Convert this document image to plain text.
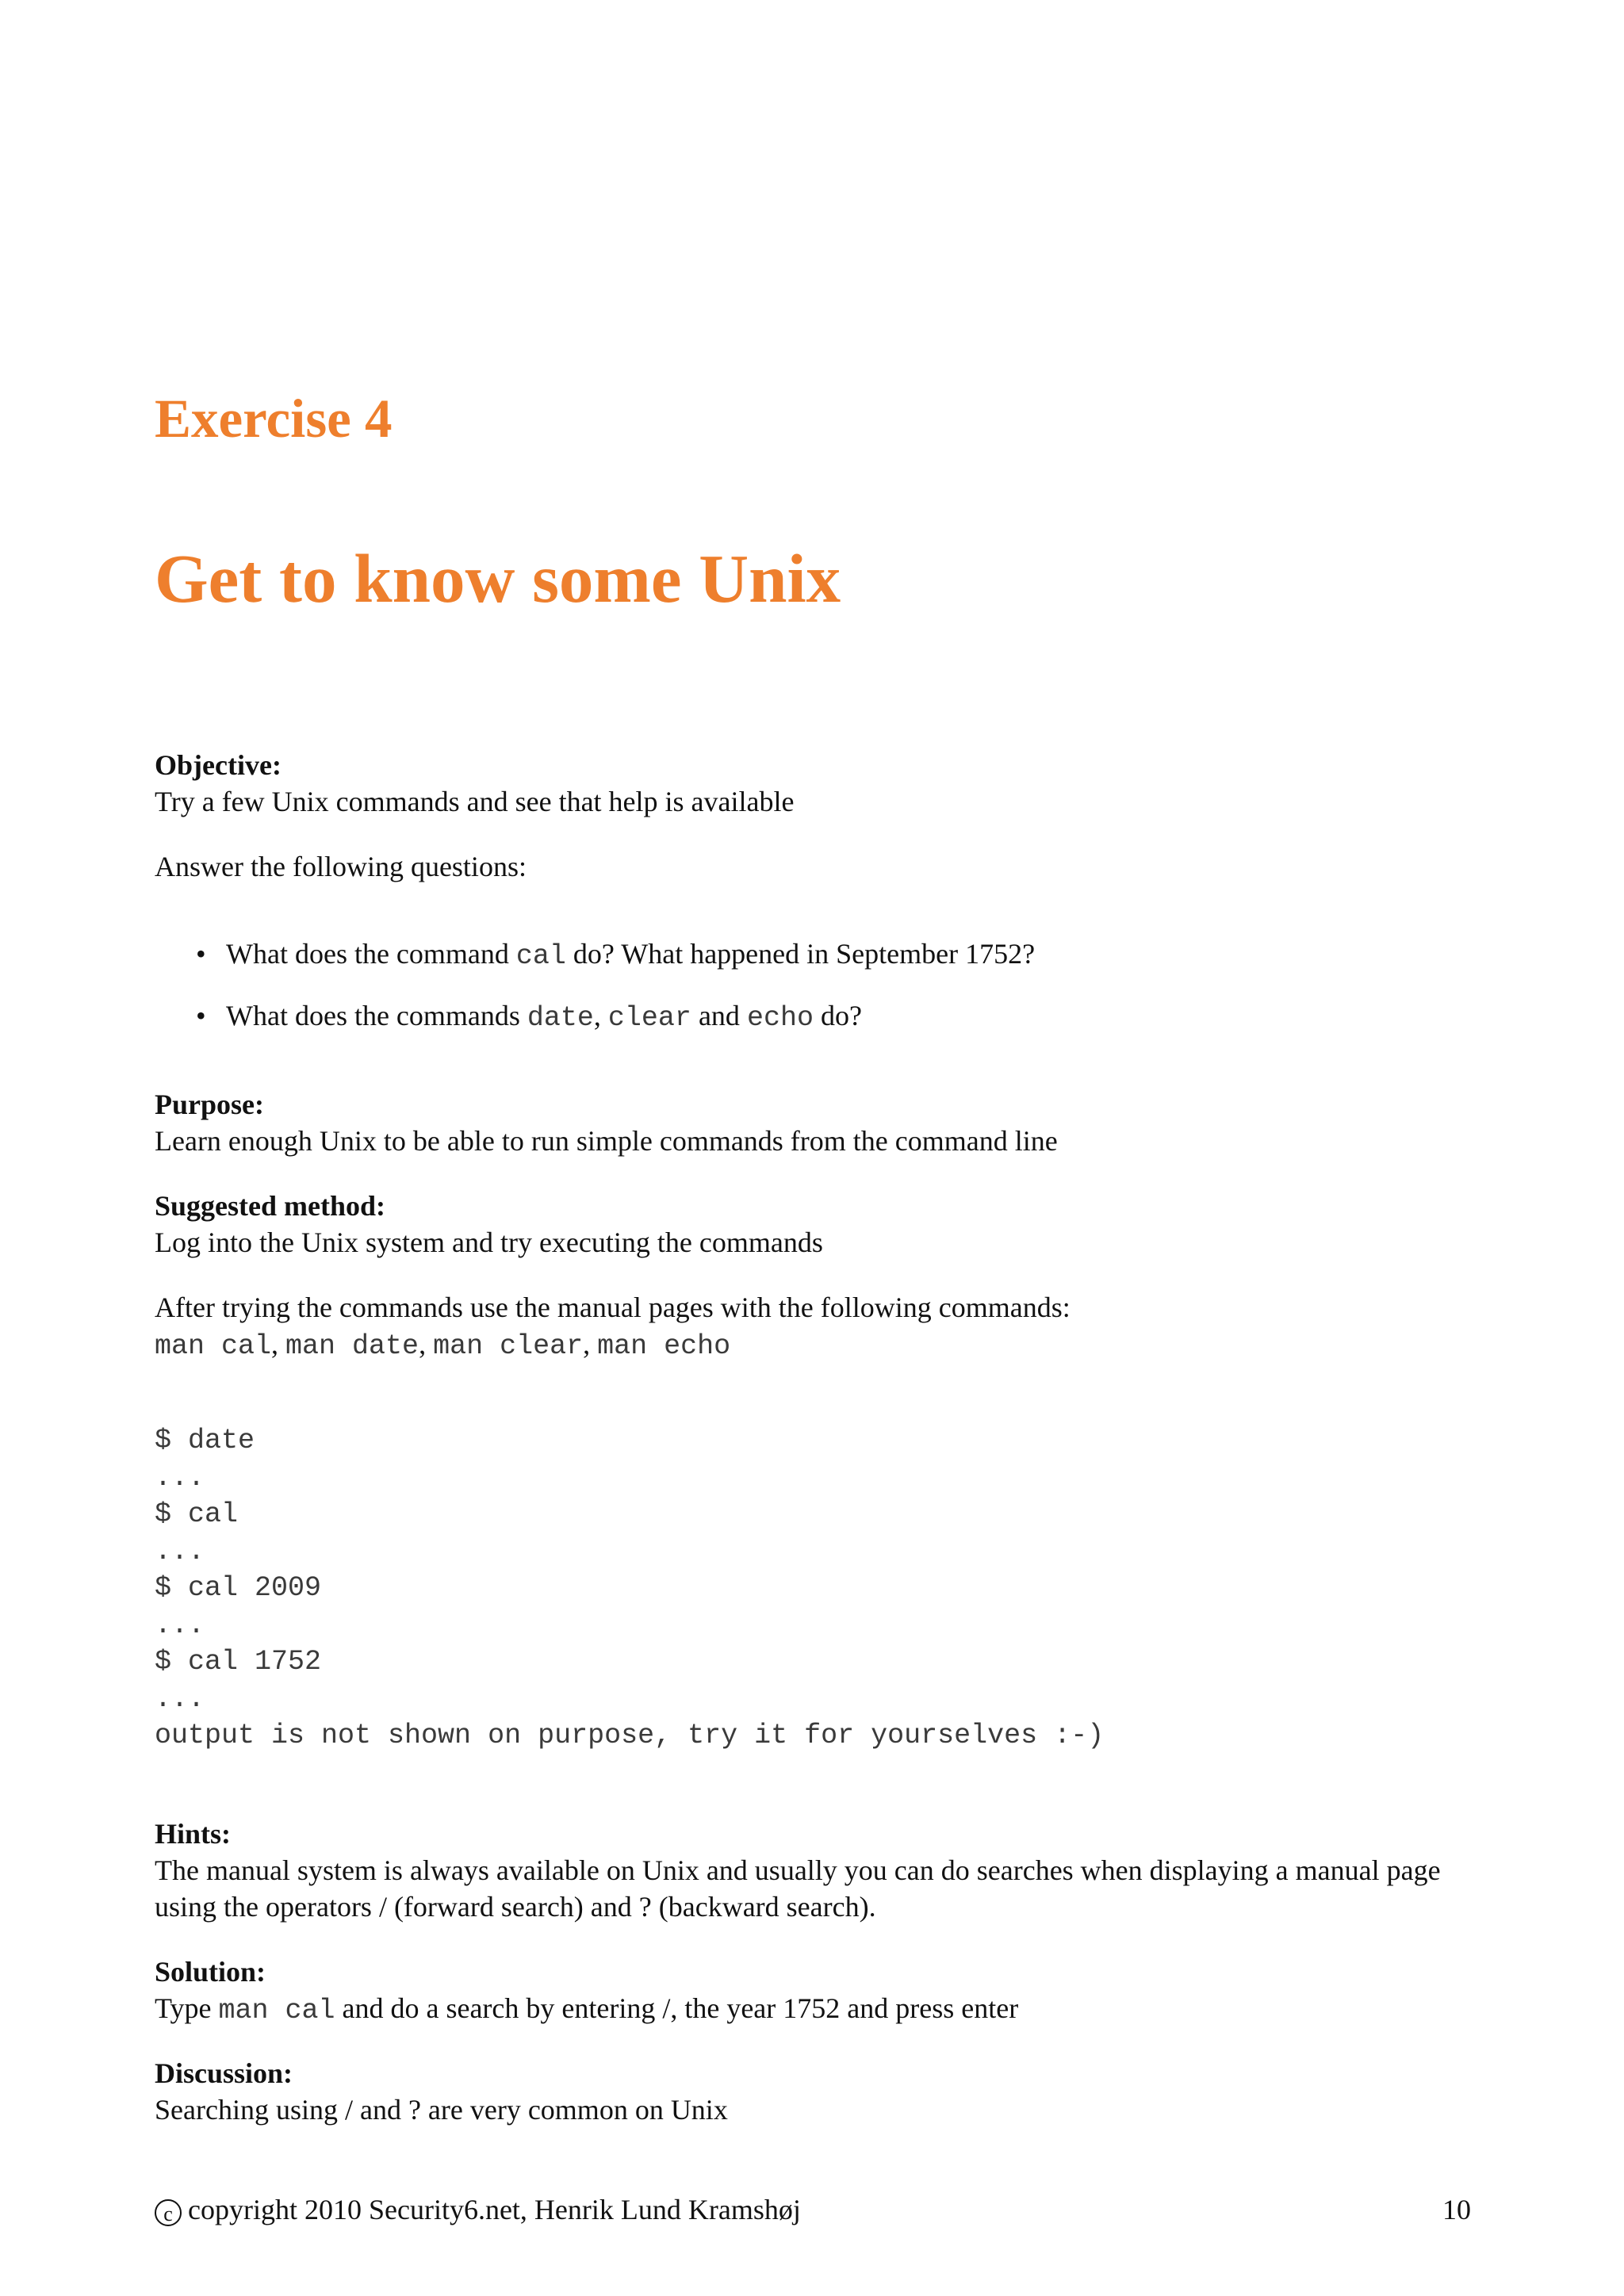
Exercise 4
Get to know some Unix
Objective:
Try a few Unix commands and see that help is available
Answer the following questions:
• What does the command cal do? What happened in September 1752?
• What does the commands date, clear and echo do?
Purpose:
Learn enough Unix to be able to run simple commands from the command line
Suggested method:
Log into the Unix system and try executing the commands
After trying the commands use the manual pages with the following commands:
man cal, man date, man clear, man echo
$ date
...
$ cal
...
$ cal 2009
...
$ cal 1752
...
output is not shown on purpose, try it for yourselves :-)
Hints:
The manual system is always available on Unix and usually you can do searches when displaying a manual page
using the operators / (forward search) and ? (backward search).
Solution:
Type man cal and do a search by entering /, the year 1752 and press enter
Discussion:
Searching using / and ? are very common on Unix
c copyright 2010 Security6.net, Henrik Lund Kramshøj	10
